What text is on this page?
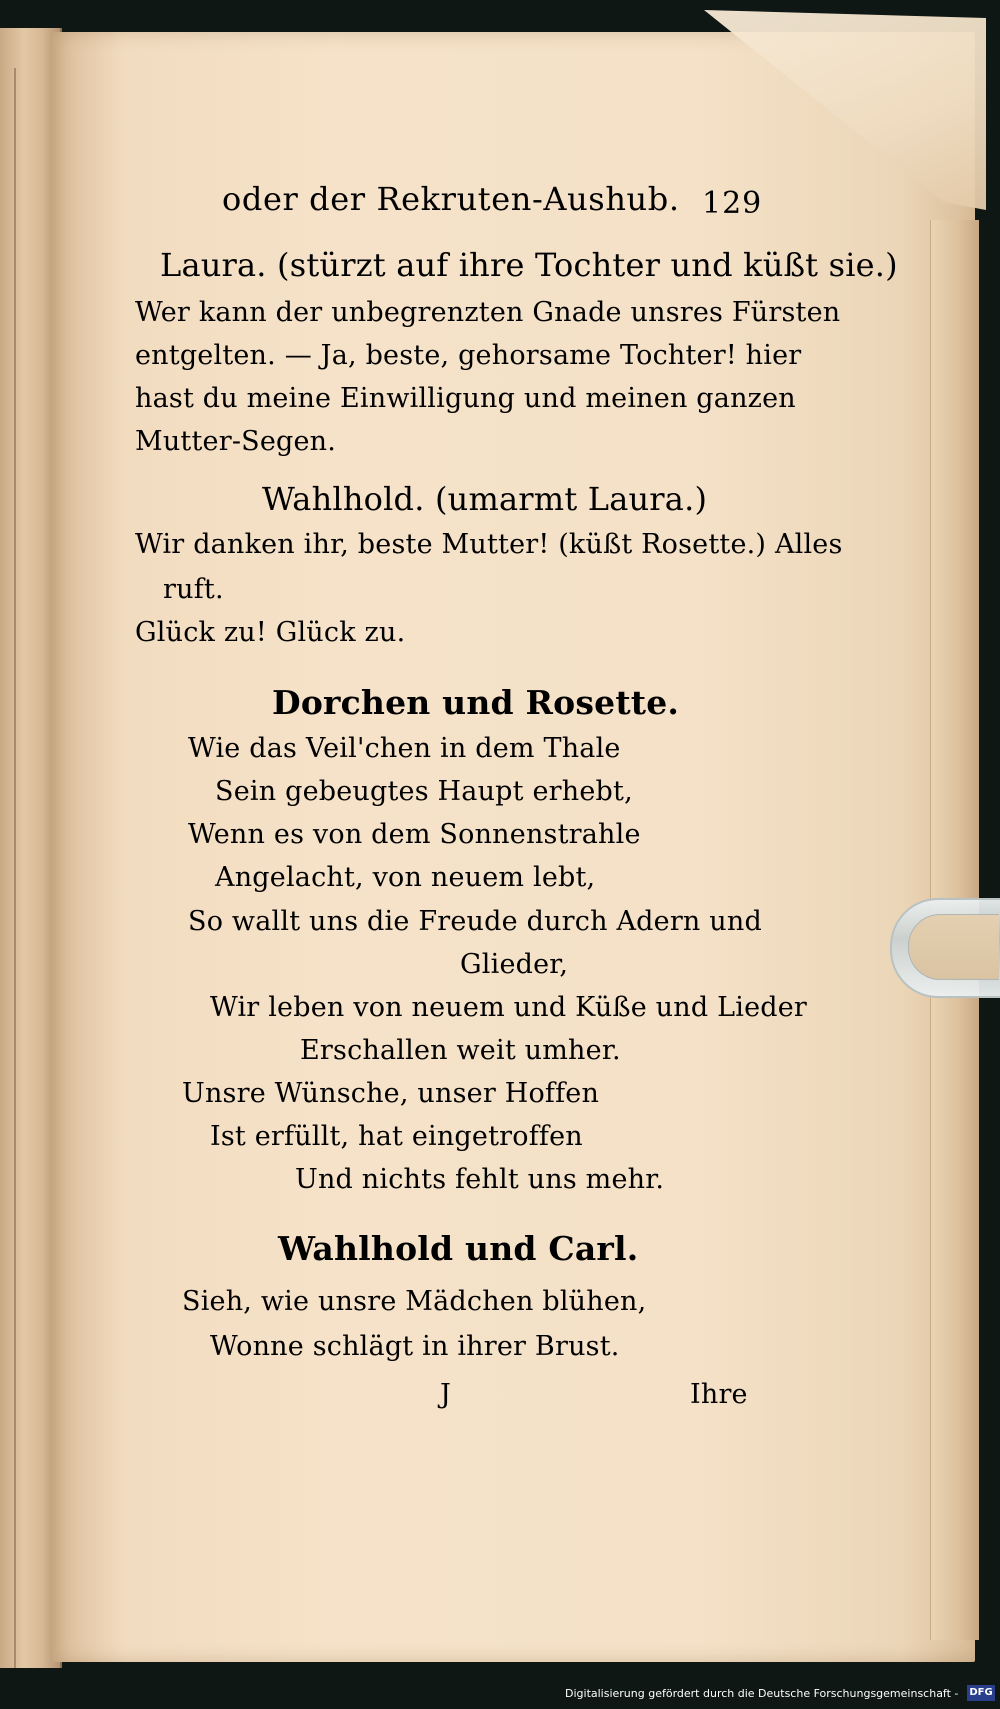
oder der Rekruten-Aushub. 129
Laura. (stürzt auf ihre Tochter und küßt sie.)
Wer kann der unbegrenzten Gnade unsres Fürsten
entgelten. — Ja, beste, gehorsame Tochter! hier
hast du meine Einwilligung und meinen ganzen
Mutter-Segen.
Wahlhold. (umarmt Laura.)
Wir danken ihr, beste Mutter! (küßt Rosette.) Alles
ruft.
Glück zu! Glück zu.
Dorchen und Rosette.
Wie das Veil'chen in dem Thale
Sein gebeugtes Haupt erhebt,
Wenn es von dem Sonnenstrahle
Angelacht, von neuem lebt,
So wallt uns die Freude durch Adern und
Glieder,
Wir leben von neuem und Küße und Lieder
Erschallen weit umher.
Unsre Wünsche, unser Hoffen
Ist erfüllt, hat eingetroffen
Und nichts fehlt uns mehr.
Wahlhold und Carl.
Sieh, wie unsre Mädchen blühen,
Wonne schlägt in ihrer Brust.
J	Ihre
Digitalisierung gefördert durch die Deutsche Forschungsgemeinschaft - DFG
